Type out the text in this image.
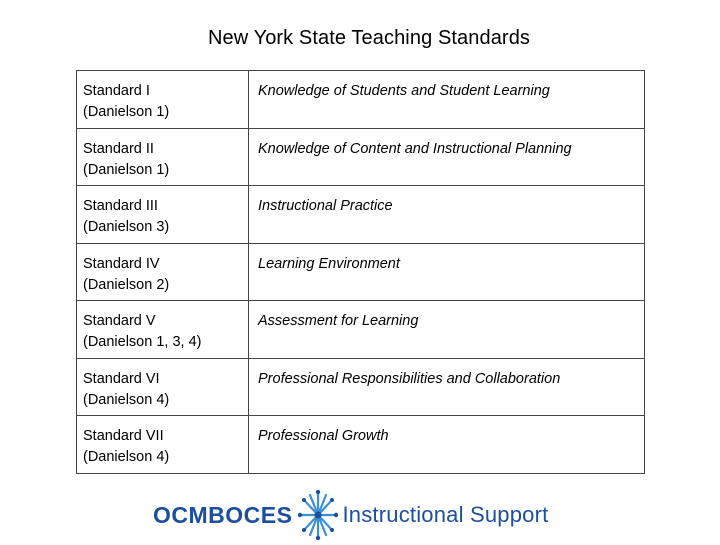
New York State Teaching Standards
Standard I
(Danielson 1)	Knowledge of Students and Student Learning

Standard II
(Danielson 1)	Knowledge of Content and Instructional Planning

Standard III
(Danielson 3)	Instructional Practice

Standard IV
(Danielson 2)	Learning Environment

Standard V
(Danielson 1, 3, 4)	Assessment for Learning

Standard VI
(Danielson 4)	Professional Responsibilities and Collaboration

Standard VII
(Danielson 4)	Professional Growth
OCM BOCES Instructional Support
